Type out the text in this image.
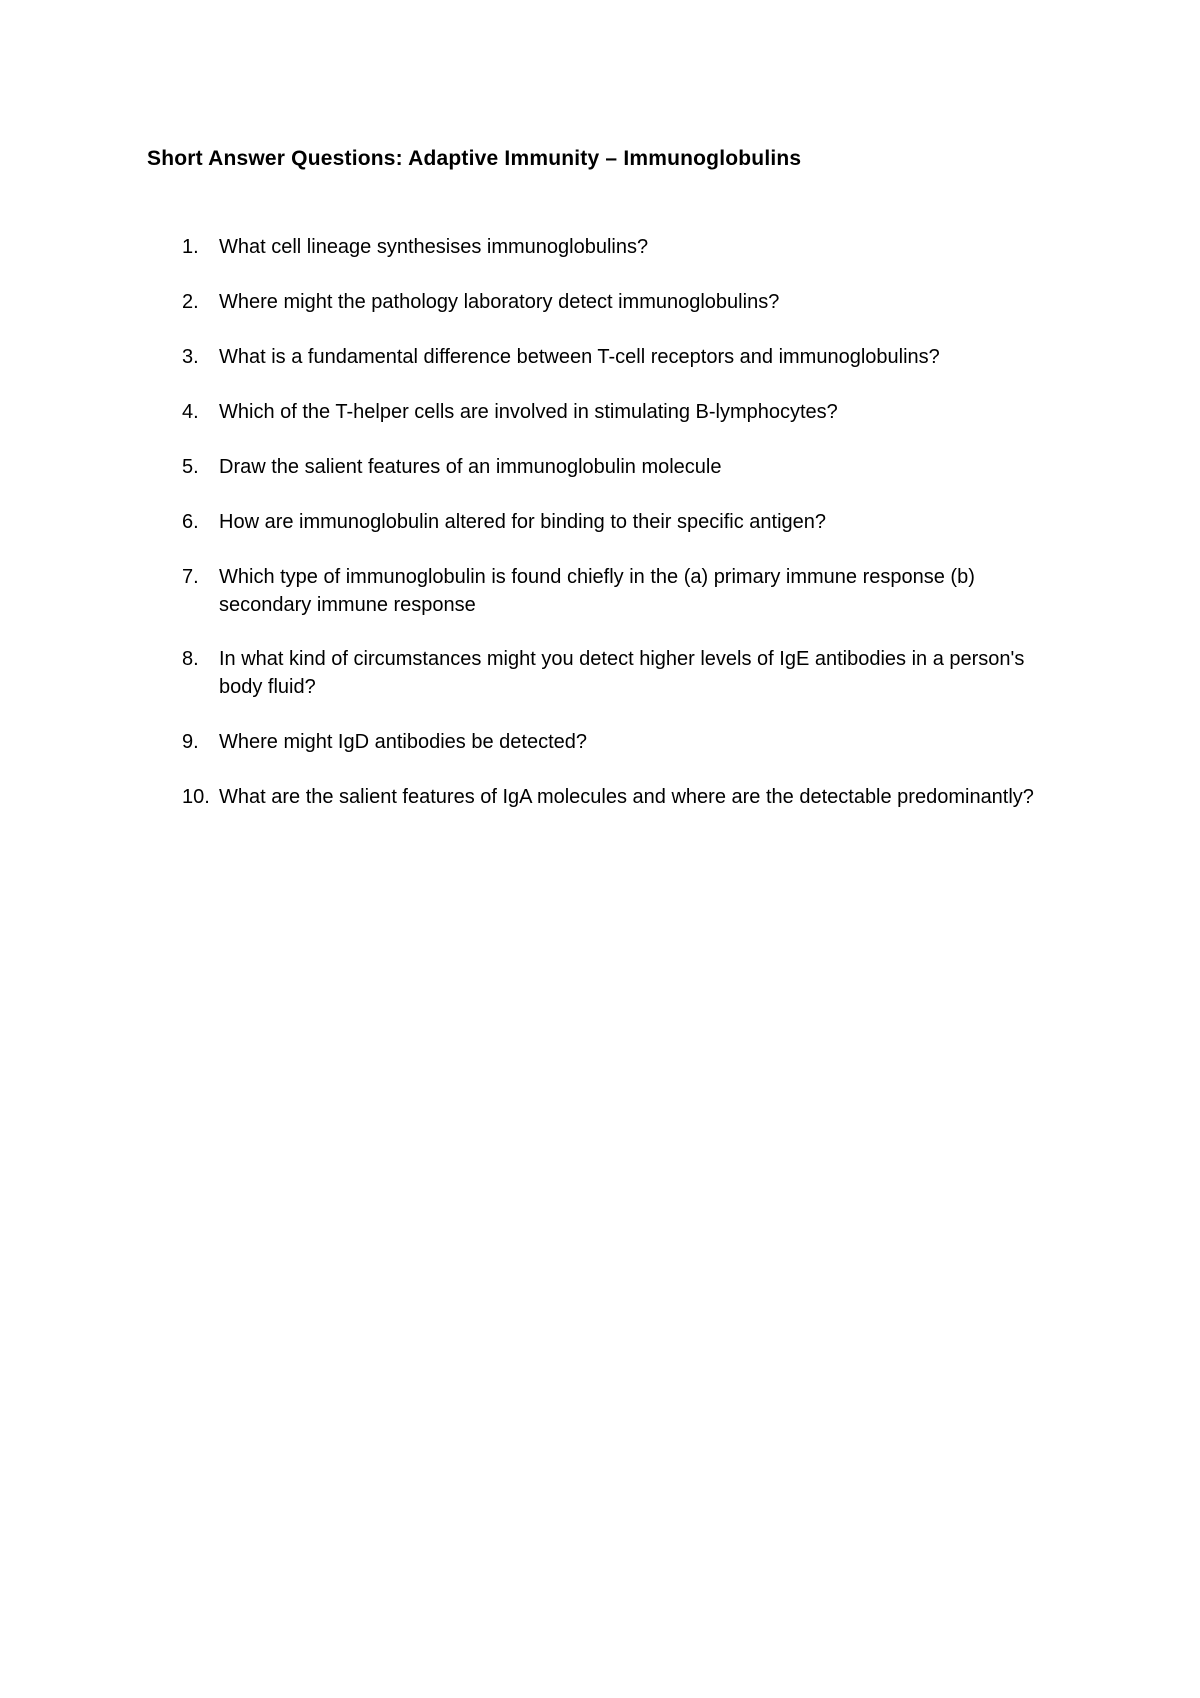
Short Answer Questions: Adaptive Immunity – Immunoglobulins
1. What cell lineage synthesises immunoglobulins?
2. Where might the pathology laboratory detect immunoglobulins?
3. What is a fundamental difference between T-cell receptors and immunoglobulins?
4. Which of the T-helper cells are involved in stimulating B-lymphocytes?
5. Draw the salient features of an immunoglobulin molecule
6. How are immunoglobulin altered for binding to their specific antigen?
7. Which type of immunoglobulin is found chiefly in the (a) primary immune response (b) secondary immune response
8. In what kind of circumstances might you detect higher levels of IgE antibodies in a person's body fluid?
9. Where might IgD antibodies be detected?
10. What are the salient features of IgA molecules and where are the detectable predominantly?
